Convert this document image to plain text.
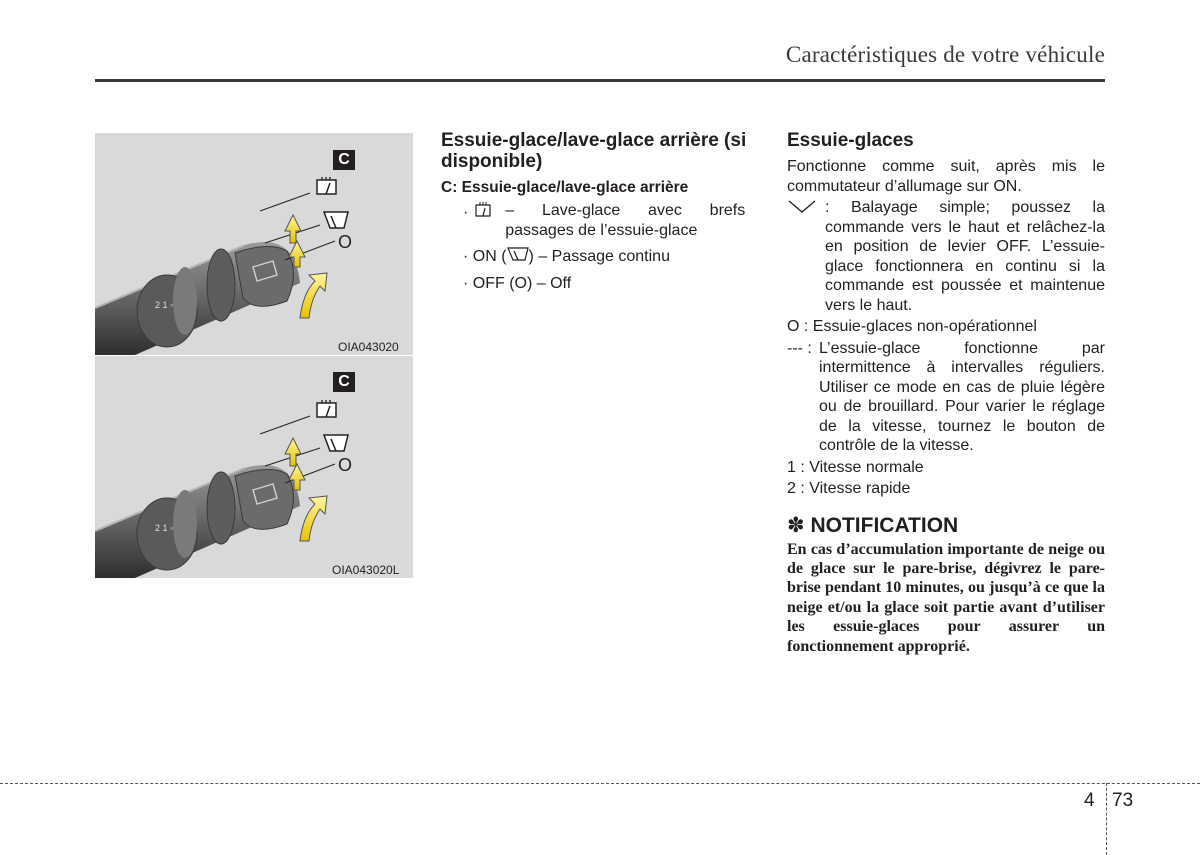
Caractéristiques de votre véhicule
2 1 ◦
OIA043020
C
O
2 1 ◦
OIA043020L
C
O
Essuie-glace/lave-glace arrière (si disponible)
C: Essuie-glace/lave-glace arrière
· – Lave-glace avec brefs passages de l’essuie-glace
· ON ( ) – Passage continu
· OFF (O) – Off
Essuie-glaces
Fonctionne comme suit, après mis le commutateur d’allumage sur ON.
: Balayage simple; poussez la commande vers le haut et relâchez-la en position de levier OFF. L’essuie-glace fonctionnera en continu si la commande est poussée et maintenue vers le haut.
O : Essuie-glaces non-opérationnel
--- : L’essuie-glace fonctionne par intermittence à intervalles réguliers. Utiliser ce mode en cas de pluie légère ou de brouillard. Pour varier le réglage de la vitesse, tournez le bouton de contrôle de la vitesse.
1 : Vitesse normale
2 : Vitesse rapide
✽ NOTIFICATION
En cas d’accumulation importante de neige ou de glace sur le pare-brise, dégivrez le pare-brise pendant 10 minutes, ou jusqu’à ce que la neige et/ou la glace soit partie avant d’utiliser les essuie-glaces pour assurer un fonctionnement approprié.
4 73
